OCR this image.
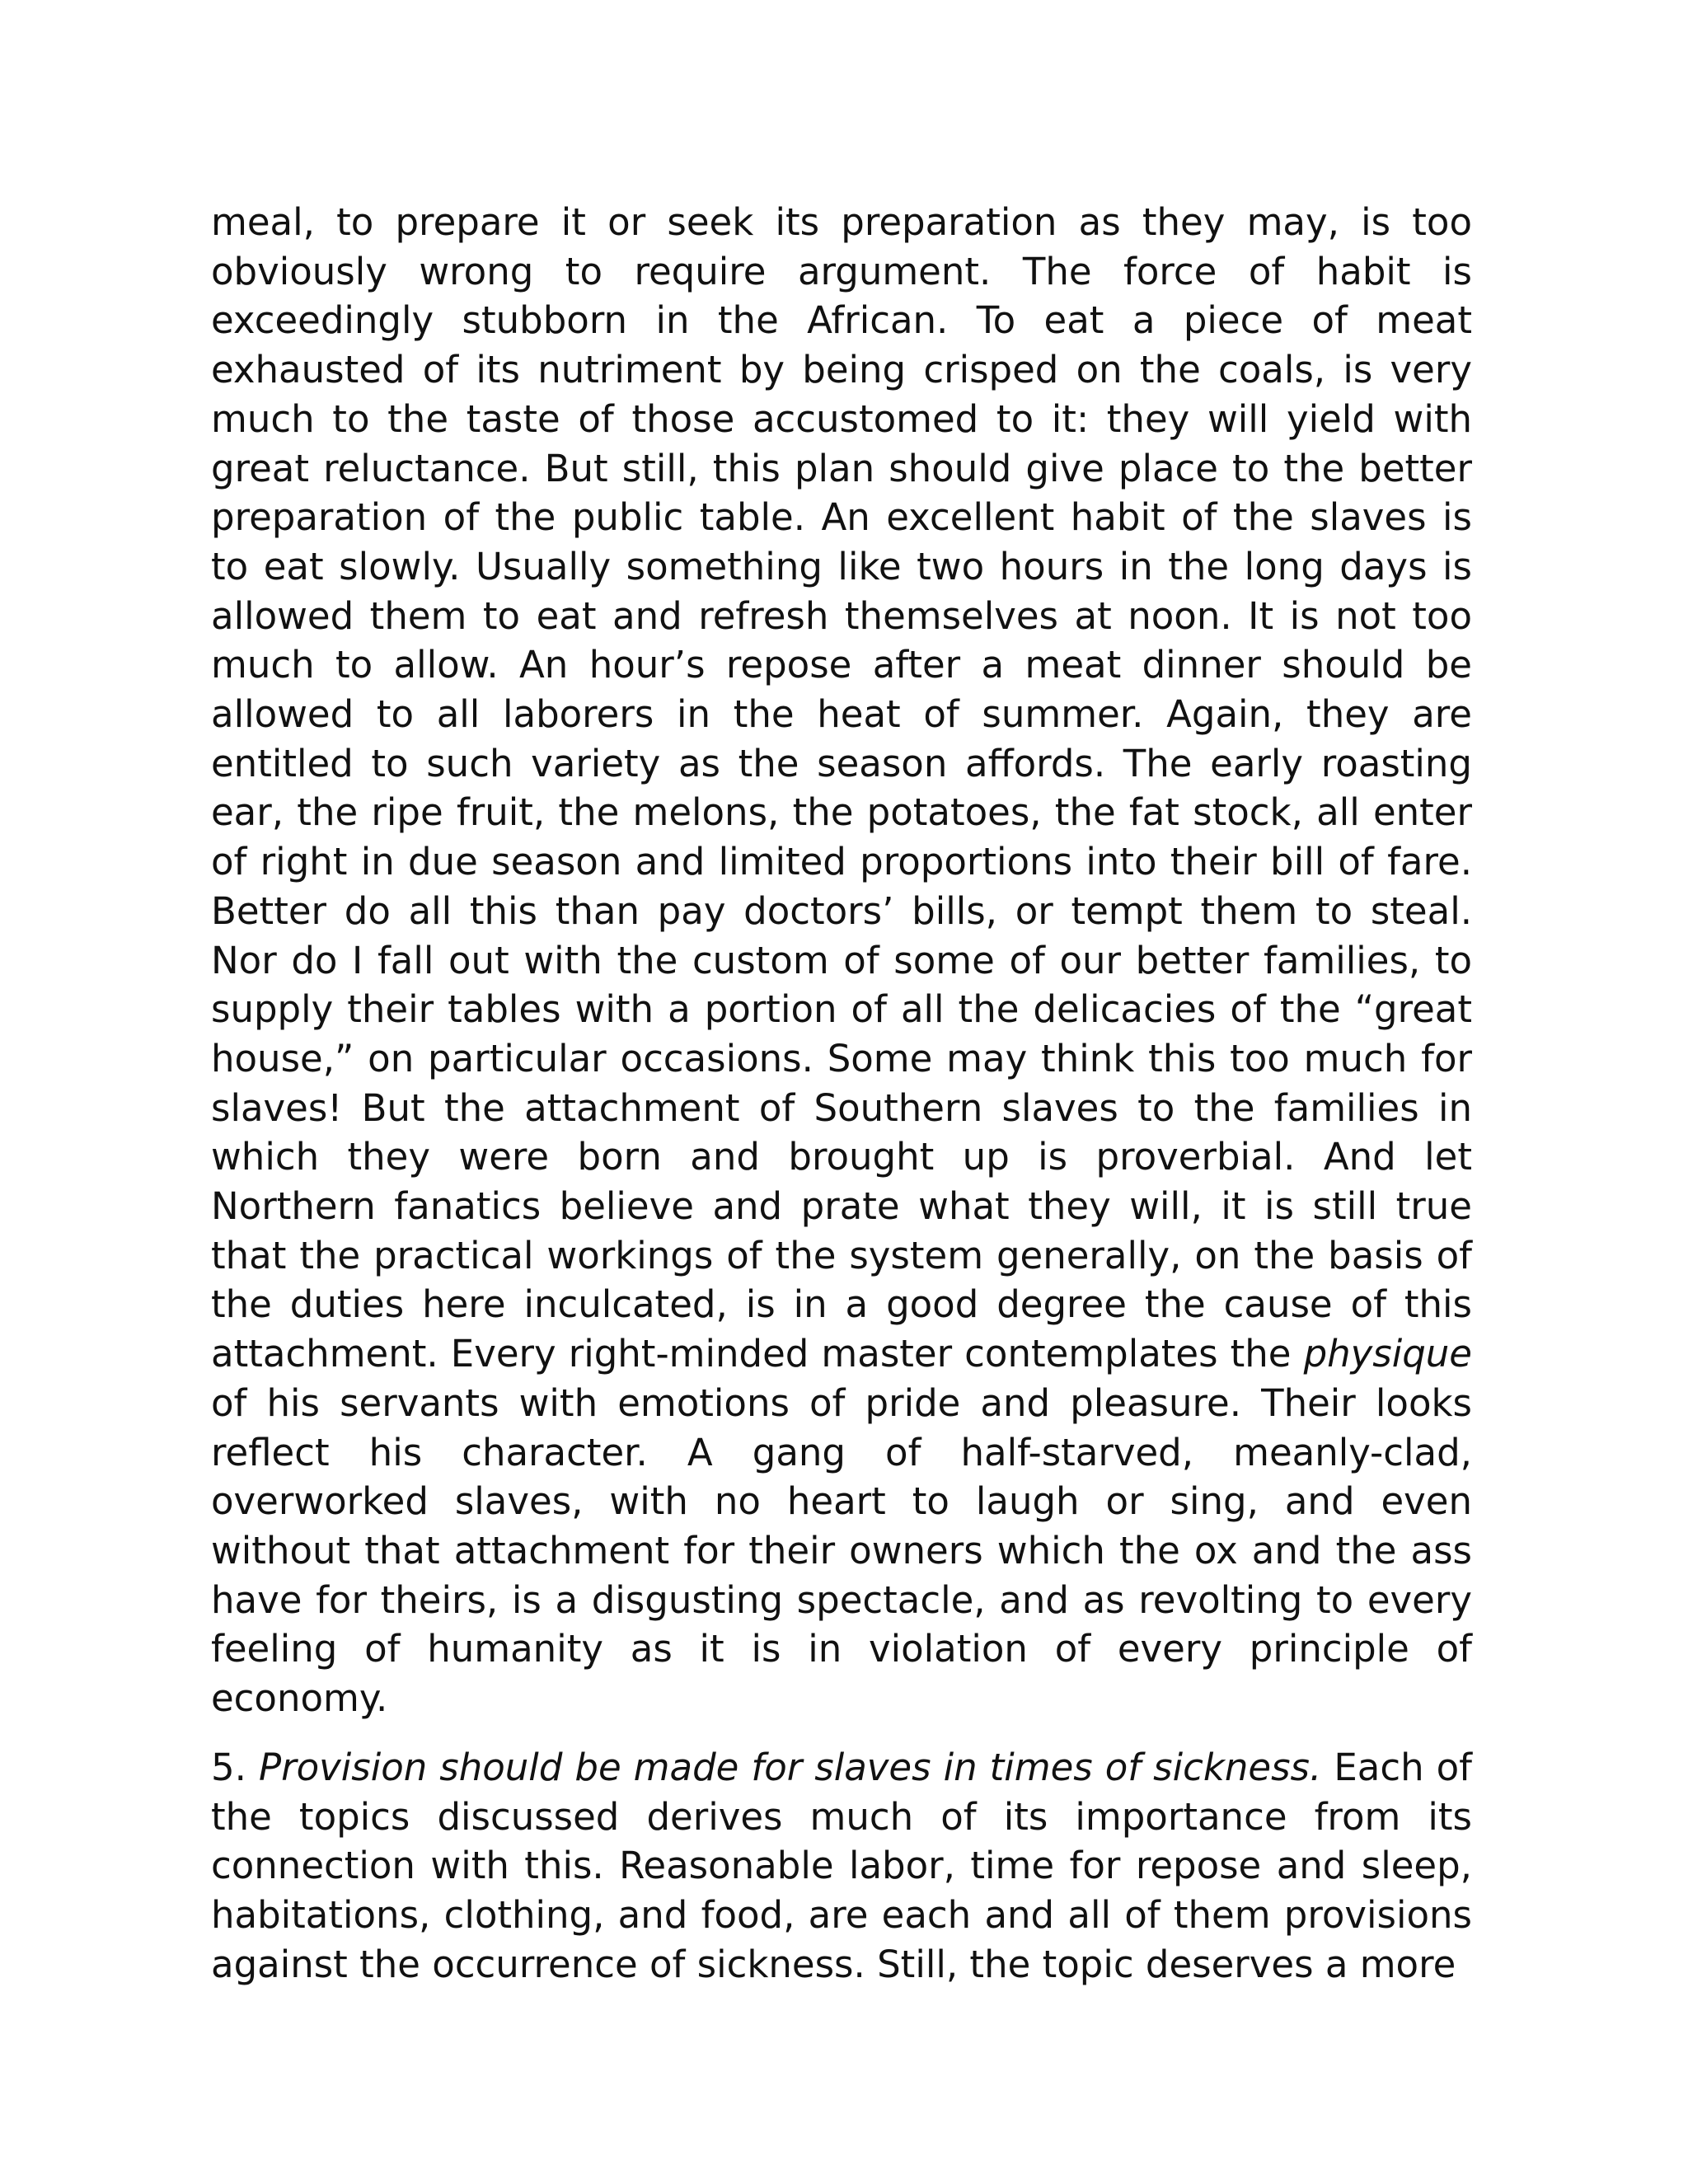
meal, to prepare it or seek its preparation as they may, is too obviously wrong to require argument. The force of habit is exceedingly stubborn in the African. To eat a piece of meat exhausted of its nutriment by being crisped on the coals, is very much to the taste of those accustomed to it: they will yield with great reluctance. But still, this plan should give place to the better preparation of the public table. An excellent habit of the slaves is to eat slowly. Usually something like two hours in the long days is allowed them to eat and refresh themselves at noon. It is not too much to allow. An hour’s repose after a meat dinner should be allowed to all laborers in the heat of summer. Again, they are entitled to such variety as the season affords. The early roasting ear, the ripe fruit, the melons, the potatoes, the fat stock, all enter of right in due season and limited proportions into their bill of fare. Better do all this than pay doctors’ bills, or tempt them to steal. Nor do I fall out with the custom of some of our better families, to supply their tables with a portion of all the delicacies of the “great house,” on particular occasions. Some may think this too much for slaves! But the attachment of Southern slaves to the families in which they were born and brought up is proverbial. And let Northern fanatics believe and prate what they will, it is still true that the practical workings of the system generally, on the basis of the duties here inculcated, is in a good degree the cause of this attachment. Every right-minded master contemplates the physique of his servants with emotions of pride and pleasure. Their looks reflect his character. A gang of half-starved, meanly-clad, overworked slaves, with no heart to laugh or sing, and even without that attachment for their owners which the ox and the ass have for theirs, is a disgusting spectacle, and as revolting to every feeling of humanity as it is in violation of every principle of economy.

5. Provision should be made for slaves in times of sickness. Each of the topics discussed derives much of its importance from its connection with this. Reasonable labor, time for repose and sleep, habitations, clothing, and food, are each and all of them provisions against the occurrence of sickness. Still, the topic deserves a more
